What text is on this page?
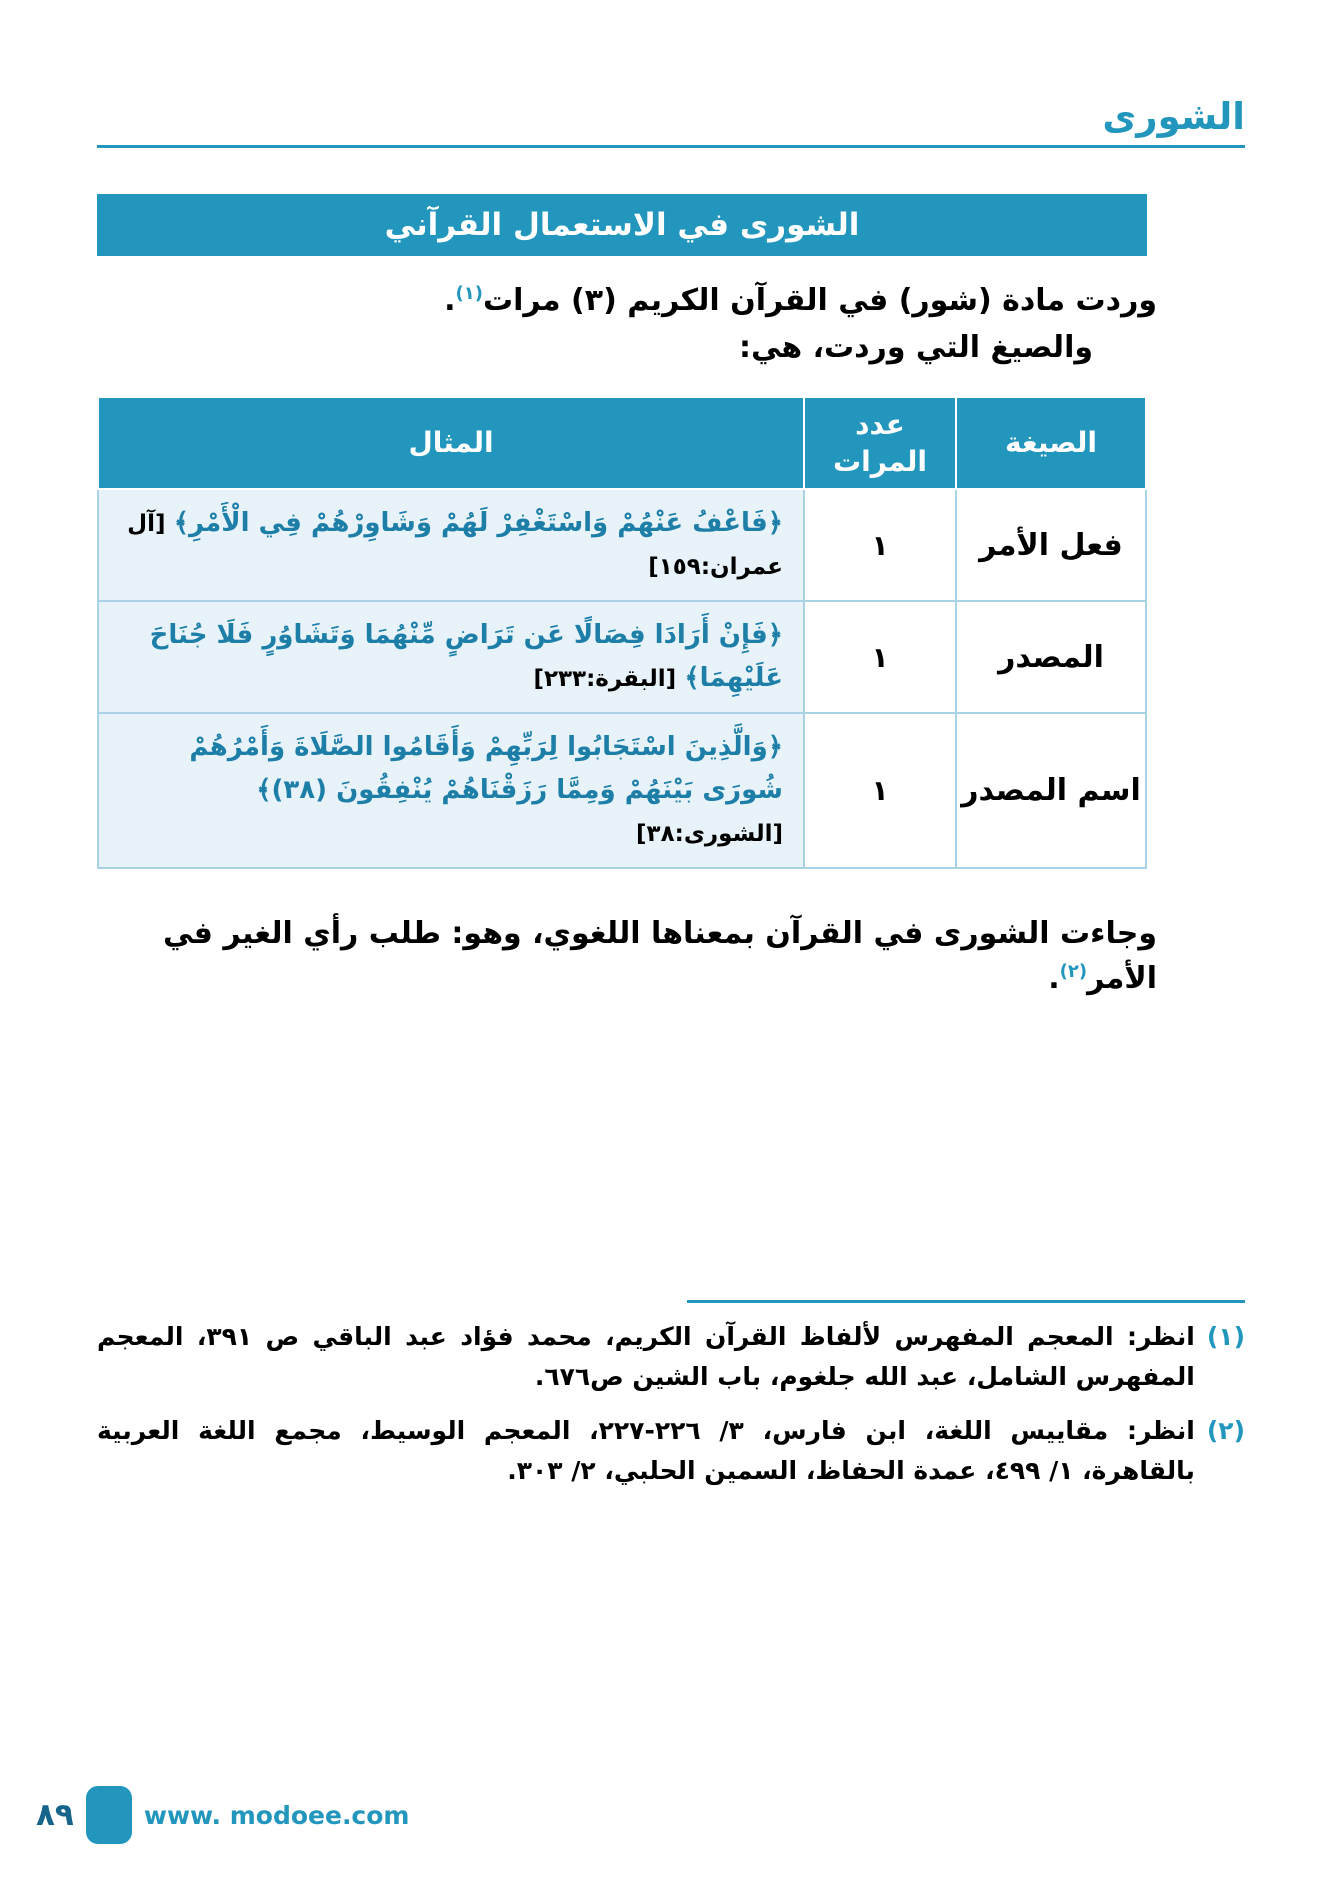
الشورى
الشورى في الاستعمال القرآني

وردت مادة (شور) في القرآن الكريم (٣) مرات$^{(١)}$.

والصيغ التي وردت، هي:

الصيغة	عدد المرات	المثال
فعل الأمر	١	﴿فَاعْفُ عَنْهُمْ وَاسْتَغْفِرْ لَهُمْ وَشَاوِرْهُمْ فِي الْأَمْرِ﴾ [آل عمران:١٥٩]
المصدر	١	﴿فَإِنْ أَرَادَا فِصَالًا عَن تَرَاضٍ مِّنْهُمَا وَتَشَاوُرٍ فَلَا جُنَاحَ عَلَيْهِمَا﴾ [البقرة:٢٣٣]
اسم المصدر	١	﴿وَالَّذِينَ اسْتَجَابُوا لِرَبِّهِمْ وَأَقَامُوا الصَّلَاةَ وَأَمْرُهُمْ شُورَى بَيْنَهُمْ وَمِمَّا رَزَقْنَاهُمْ يُنْفِقُونَ (٣٨)﴾ [الشورى:٣٨]

وجاءت الشورى في القرآن بمعناها اللغوي، وهو: طلب رأي الغير في الأمر$^{(٢)}$.

(١)
انظر: المعجم المفهرس لألفاظ القرآن الكريم، محمد فؤاد عبد الباقي ص ٣٩١، المعجم المفهرس الشامل، عبد الله جلغوم، باب الشين ص٦٧٦.
(٢)
انظر: مقاييس اللغة، ابن فارس، ٣/ ٢٢٦-٢٢٧، المعجم الوسيط، مجمع اللغة العربية بالقاهرة، ١/ ٤٩٩، عمدة الحفاظ، السمين الحلبي، ٢/ ٣٠٣.
٨٩	www. modoee.com
